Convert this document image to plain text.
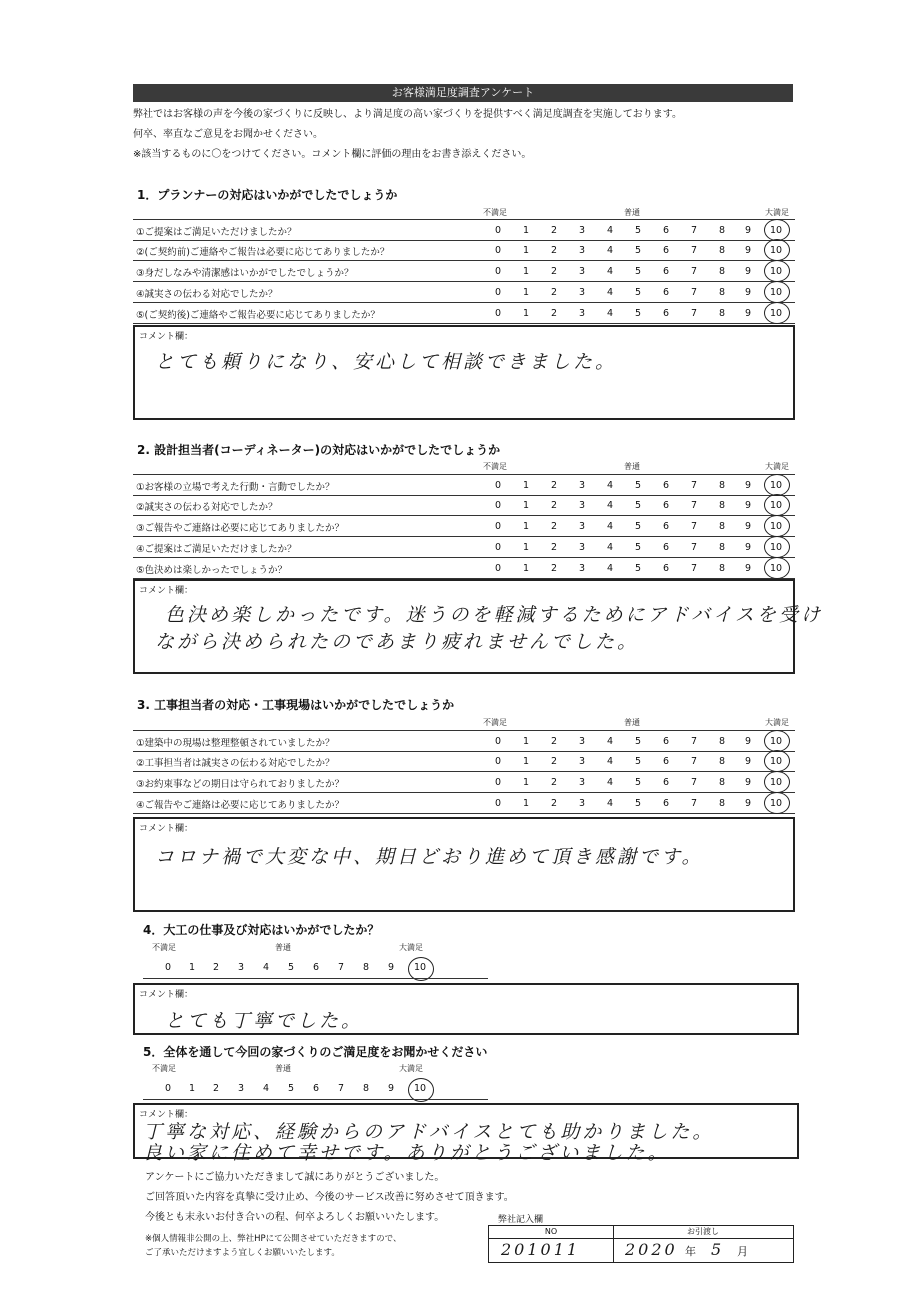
お客様満足度調査アンケート
弊社ではお客様の声を今後の家づくりに反映し、より満足度の高い家づくりを提供すべく満足度調査を実施しております。
何卒、率直なご意見をお聞かせください。
※該当するものに〇をつけてください。コメント欄に評価の理由をお書き添えください。
1．プランナーの対応はいかがでしたでしょうか
不満足	普通	大満足
①ご提案はご満足いただけましたか？	0	1	2	3	4	5	6	7	8	9	10
②(ご契約前)ご連絡やご報告は必要に応じてありましたか？	0	1	2	3	4	5	6	7	8	9	10
③身だしなみや清潔感はいかがでしたでしょうか？	0	1	2	3	4	5	6	7	8	9	10
④誠実さの伝わる対応でしたか？	0	1	2	3	4	5	6	7	8	9	10
⑤(ご契約後)ご連絡やご報告必要に応じてありましたか？	0	1	2	3	4	5	6	7	8	9	10
コメント欄：
とても頼りになり、安心して相談できました。
2. 設計担当者(コーディネーター)の対応はいかがでしたでしょうか
不満足	普通	大満足
①お客様の立場で考えた行動・言動でしたか？	0	1	2	3	4	5	6	7	8	9	10
②誠実さの伝わる対応でしたか？	0	1	2	3	4	5	6	7	8	9	10
③ご報告やご連絡は必要に応じてありましたか？	0	1	2	3	4	5	6	7	8	9	10
④ご提案はご満足いただけましたか？	0	1	2	3	4	5	6	7	8	9	10
⑤色決めは楽しかったでしょうか？	0	1	2	3	4	5	6	7	8	9	10
コメント欄：
色決め楽しかったです。迷うのを軽減するためにアドバイスを受け
ながら決められたのであまり疲れませんでした。
3. 工事担当者の対応・工事現場はいかがでしたでしょうか
不満足	普通	大満足
①建築中の現場は整理整頓されていましたか？	0	1	2	3	4	5	6	7	8	9	10
②工事担当者は誠実さの伝わる対応でしたか？	0	1	2	3	4	5	6	7	8	9	10
③お約束事などの期日は守られておりましたか？	0	1	2	3	4	5	6	7	8	9	10
④ご報告やご連絡は必要に応じてありましたか？	0	1	2	3	4	5	6	7	8	9	10
コメント欄：
コロナ禍で大変な中、期日どおり進めて頂き感謝です。
4．大工の仕事及び対応はいかがでしたか？
不満足	普通	大満足
0	1	2	3	4	5	6	7	8	9	10
コメント欄：
とても丁寧でした。
5．全体を通して今回の家づくりのご満足度をお聞かせください
不満足	普通	大満足
0	1	2	3	4	5	6	7	8	9	10
コメント欄：
丁寧な対応、経験からのアドバイスとても助かりました。
良い家に住めて幸せです。ありがとうございました。
アンケートにご協力いただきまして誠にありがとうございました。
ご回答頂いた内容を真摯に受け止め、今後のサービス改善に努めさせて頂きます。
今後とも末永いお付き合いの程、何卒よろしくお願いいたします。
※個人情報非公開の上、弊社HPにて公開させていただきますので、
ご了承いただけますよう宜しくお願いいたします。
弊社記入欄
NO	お引渡し
201011	2020 年 5 月
